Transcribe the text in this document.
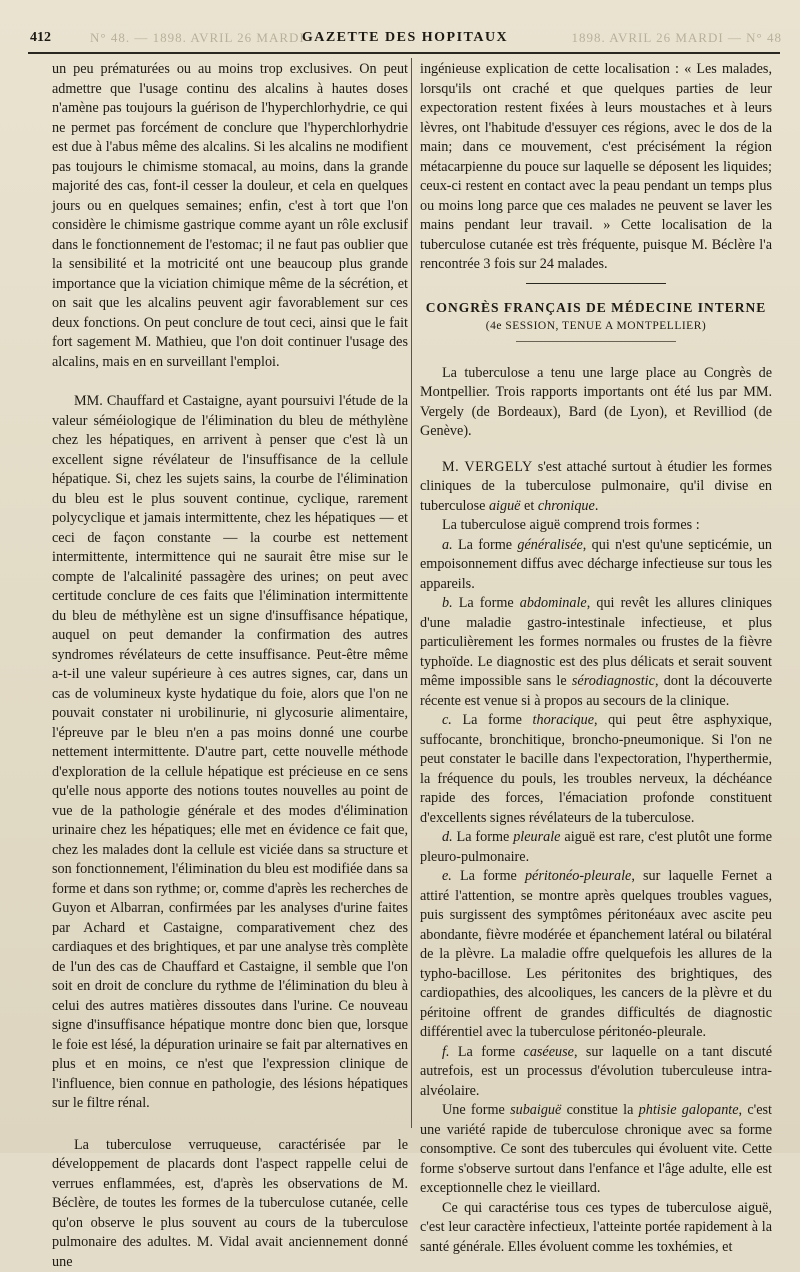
412	N° 48. — 1898. AVRIL 26 MARDI
GAZETTE DES HOPITAUX	1898. AVRIL 26 MARDI — N° 48

un peu prématurées ou au moins trop exclusives. On peut admettre que l'usage continu des alcalins à hautes doses n'amène pas toujours la guérison de l'hyperchlorhydrie, ce qui ne permet pas forcément de conclure que l'hyperchlorhydrie est due à l'abus même des alcalins. Si les alcalins ne modifient pas toujours le chimisme stomacal, au moins, dans la grande majorité des cas, font-il cesser la douleur, et cela en quelques jours ou en quelques semaines; enfin, c'est à tort que l'on considère le chimisme gastrique comme ayant un rôle exclusif dans le fonctionnement de l'estomac; il ne faut pas oublier que la sensibilité et la motricité ont une beaucoup plus grande importance que la viciation chimique même de la sécrétion, et on sait que les alcalins peuvent agir favorablement sur ces deux fonctions. On peut conclure de tout ceci, ainsi que le fait fort sagement M. Mathieu, que l'on doit continuer l'usage des alcalins, mais en en surveillant l'emploi.

MM. Chauffard et Castaigne, ayant poursuivi l'étude de la valeur séméiologique de l'élimination du bleu de méthylène chez les hépatiques, en arrivent à penser que c'est là un excellent signe révélateur de l'insuffisance de la cellule hépatique. Si, chez les sujets sains, la courbe de l'élimination du bleu est le plus souvent continue, cyclique, rarement polycyclique et jamais intermittente, chez les hépatiques — et ceci de façon constante — la courbe est nettement intermittente, intermittence qui ne saurait être mise sur le compte de l'alcalinité passagère des urines; on peut avec certitude conclure de ces faits que l'élimination intermittente du bleu de méthylène est un signe d'insuffisance hépatique, auquel on peut demander la confirmation des autres syndromes révélateurs de cette insuffisance. Peut-être même a-t-il une valeur supérieure à ces autres signes, car, dans un cas de volumineux kyste hydatique du foie, alors que l'on ne pouvait constater ni urobilinurie, ni glycosurie alimentaire, l'épreuve par le bleu n'en a pas moins donné une courbe nettement intermittente. D'autre part, cette nouvelle méthode d'exploration de la cellule hépatique est précieuse en ce sens qu'elle nous apporte des notions toutes nouvelles au point de vue de la pathologie générale et des modes d'élimination urinaire chez les hépatiques; elle met en évidence ce fait que, chez les malades dont la cellule est viciée dans sa structure et son fonctionnement, l'élimination du bleu est modifiée dans sa forme et dans son rythme; or, comme d'après les recherches de Guyon et Albarran, confirmées par les analyses d'urine faites par Achard et Castaigne, comparativement chez des cardiaques et des brightiques, et par une analyse très complète de l'un des cas de Chauffard et Castaigne, il semble que l'on soit en droit de conclure du rythme de l'élimination du bleu à celui des autres matières dissoutes dans l'urine. Ce nouveau signe d'insuffisance hépatique montre donc bien que, lorsque le foie est lésé, la dépuration urinaire se fait par alternatives en plus et en moins, ce n'est que l'expression clinique de l'influence, bien connue en pathologie, des lésions hépatiques sur le filtre rénal.

La tuberculose verruqueuse, caractérisée par le développement de placards dont l'aspect rappelle celui de verrues enflammées, est, d'après les observations de M. Béclère, de toutes les formes de la tuberculose cutanée, celle qu'on observe le plus souvent au cours de la tuberculose pulmonaire des adultes. M. Vidal avait anciennement donné une

ingénieuse explication de cette localisation : « Les malades, lorsqu'ils ont craché et que quelques parties de leur expectoration restent fixées à leurs moustaches et à leurs lèvres, ont l'habitude d'essuyer ces régions, avec le dos de la main; dans ce mouvement, c'est précisément la région métacarpienne du pouce sur laquelle se déposent les liquides; ceux-ci restent en contact avec la peau pendant un temps plus ou moins long parce que ces malades ne peuvent se laver les mains pendant leur travail. » Cette localisation de la tuberculose cutanée est très fréquente, puisque M. Béclère l'a rencontrée 3 fois sur 24 malades.

CONGRÈS FRANÇAIS DE MÉDECINE INTERNE

(4e SESSION, TENUE A MONTPELLIER)

La tuberculose a tenu une large place au Congrès de Montpellier. Trois rapports importants ont été lus par MM. Vergely (de Bordeaux), Bard (de Lyon), et Revilliod (de Genève).

M. VERGELY s'est attaché surtout à étudier les formes cliniques de la tuberculose pulmonaire, qu'il divise en tuberculose aiguë et chronique.

La tuberculose aiguë comprend trois formes :

a. La forme généralisée, qui n'est qu'une septicémie, un empoisonnement diffus avec décharge infectieuse sur tous les appareils.

b. La forme abdominale, qui revêt les allures cliniques d'une maladie gastro-intestinale infectieuse, et plus particulièrement les formes normales ou frustes de la fièvre typhoïde. Le diagnostic est des plus délicats et serait souvent même impossible sans le sérodiagnostic, dont la découverte récente est venue si à propos au secours de la clinique.

c. La forme thoracique, qui peut être asphyxique, suffocante, bronchitique, broncho-pneumonique. Si l'on ne peut constater le bacille dans l'expectoration, l'hyperthermie, la fréquence du pouls, les troubles nerveux, la déchéance rapide des forces, l'émaciation profonde constituent d'excellents signes révélateurs de la tuberculose.

d. La forme pleurale aiguë est rare, c'est plutôt une forme pleuro-pulmonaire.

e. La forme péritonéo-pleurale, sur laquelle Fernet a attiré l'attention, se montre après quelques troubles vagues, puis surgissent des symptômes péritonéaux avec ascite peu abondante, fièvre modérée et épanchement latéral ou bilatéral de la plèvre. La maladie offre quelquefois les allures de la typho-bacillose. Les péritonites des brightiques, des cardiopathies, des alcooliques, les cancers de la plèvre et du péritoine offrent de grandes difficultés de diagnostic différentiel avec la tuberculose péritonéo-pleurale.

f. La forme caséeuse, sur laquelle on a tant discuté autrefois, est un processus d'évolution tuberculeuse intra-alvéolaire.

Une forme subaiguë constitue la phtisie galopante, c'est une variété rapide de tuberculose chronique avec sa forme consomptive. Ce sont des tubercules qui évoluent vite. Cette forme s'observe surtout dans l'enfance et l'âge adulte, elle est exceptionnelle chez le vieillard.

Ce qui caractérise tous ces types de tuberculose aiguë, c'est leur caractère infectieux, l'atteinte portée rapidement à la santé générale. Elles évoluent comme les toxhémies, et
